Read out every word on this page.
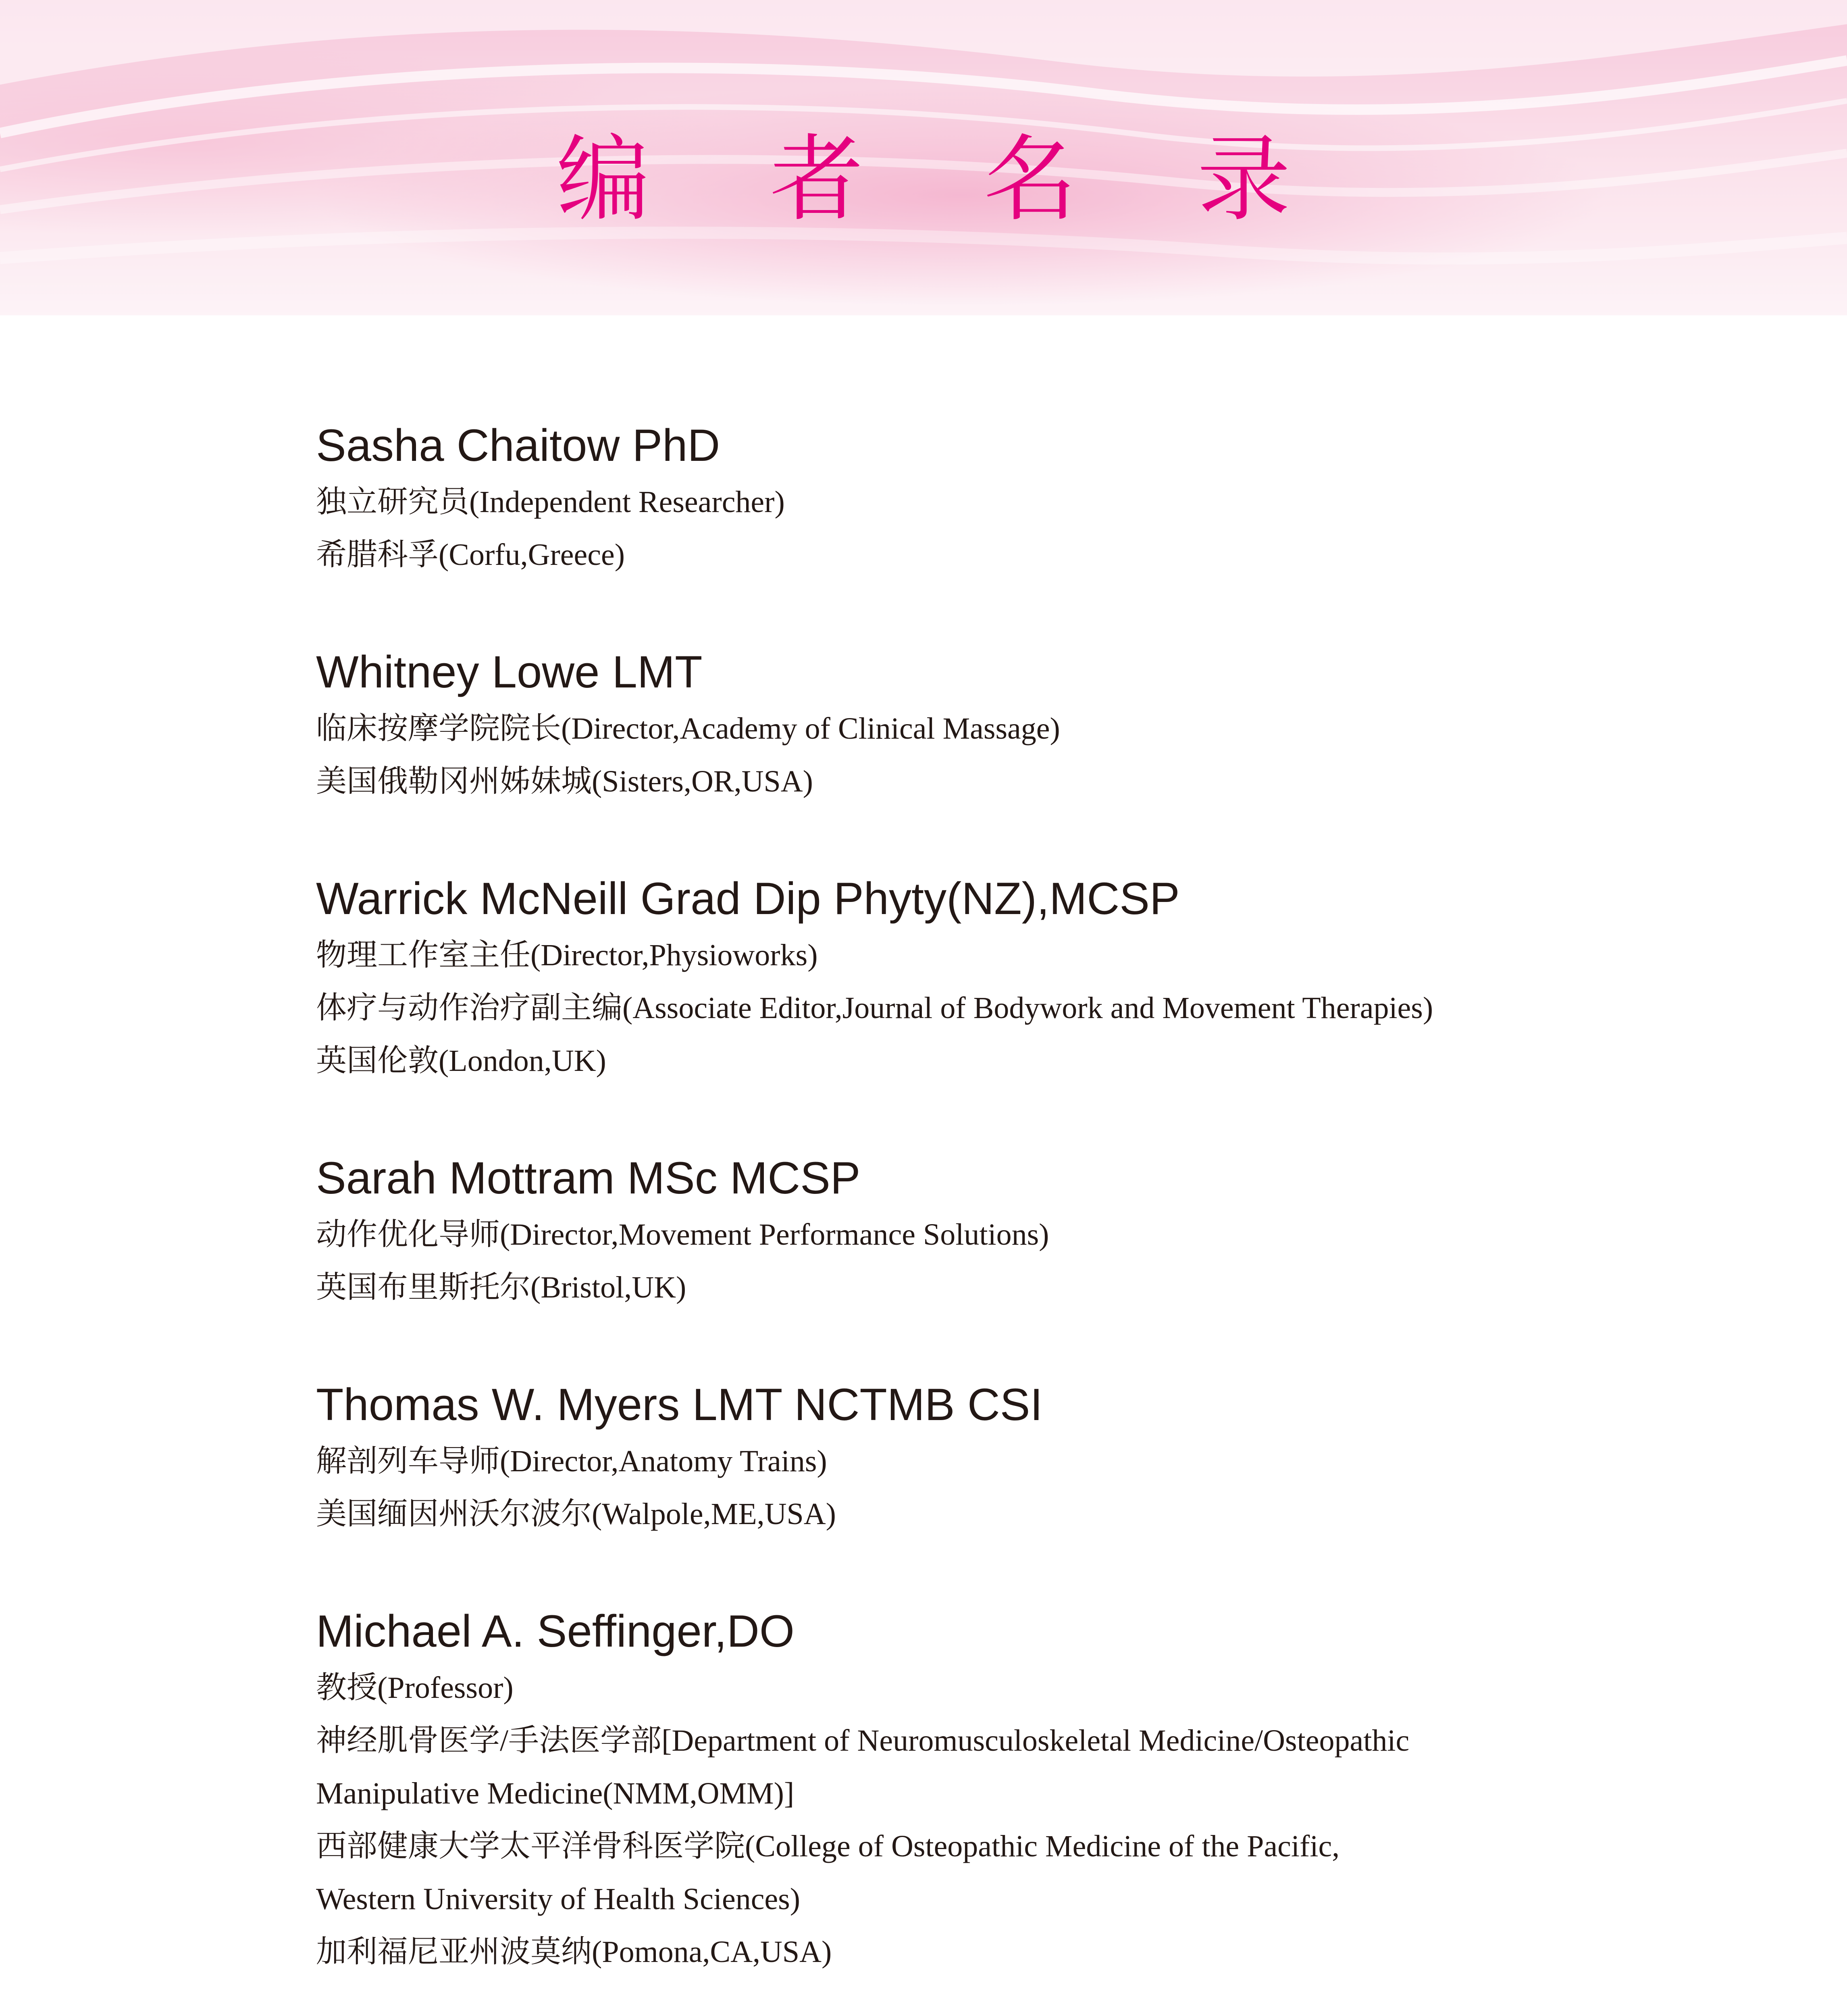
编 者 名 录
Sasha Chaitow PhD
独立研究员(Independent Researcher)
希腊科孚(Corfu,Greece)
Whitney Lowe LMT
临床按摩学院院长(Director,Academy of Clinical Massage)
美国俄勒冈州姊妹城(Sisters,OR,USA)
Warrick McNeill Grad Dip Phyty(NZ),MCSP
物理工作室主任(Director,Physioworks)
体疗与动作治疗副主编(Associate Editor,Journal of Bodywork and Movement Therapies)
英国伦敦(London,UK)
Sarah Mottram MSc MCSP
动作优化导师(Director,Movement Performance Solutions)
英国布里斯托尔(Bristol,UK)
Thomas W. Myers LMT NCTMB CSI
解剖列车导师(Director,Anatomy Trains)
美国缅因州沃尔波尔(Walpole,ME,USA)
Michael A. Seffinger,DO
教授(Professor)
神经肌骨医学/手法医学部[Department of Neuromusculoskeletal Medicine/Osteopathic
Manipulative Medicine(NMM,OMM)]
西部健康大学太平洋骨科医学院(College of Osteopathic Medicine of the Pacific,
Western University of Health Sciences)
加利福尼亚州波莫纳(Pomona,CA,USA)
